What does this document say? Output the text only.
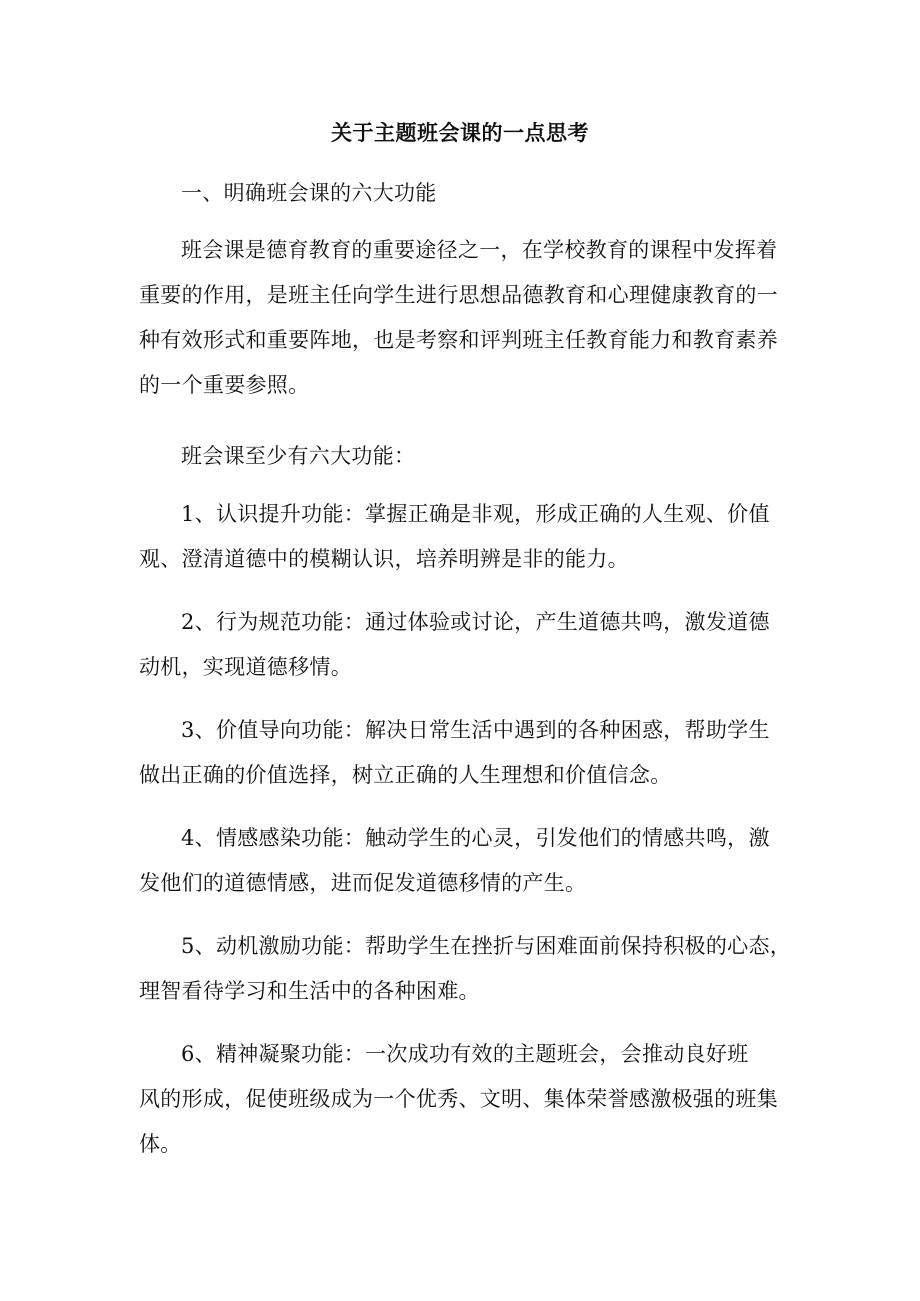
关于主题班会课的一点思考

一、明确班会课的六大功能

班会课是德育教育的重要途径之一，在学校教育的课程中发挥着
重要的作用，是班主任向学生进行思想品德教育和心理健康教育的一
种有效形式和重要阵地，也是考察和评判班主任教育能力和教育素养
的一个重要参照。

班会课至少有六大功能：

1、认识提升功能：掌握正确是非观，形成正确的人生观、价值
观、澄清道德中的模糊认识，培养明辨是非的能力。

2、行为规范功能：通过体验或讨论，产生道德共鸣，激发道德
动机，实现道德移情。

3、价值导向功能：解决日常生活中遇到的各种困惑，帮助学生
做出正确的价值选择，树立正确的人生理想和价值信念。

4、情感感染功能：触动学生的心灵，引发他们的情感共鸣，激
发他们的道德情感，进而促发道德移情的产生。

5、动机激励功能：帮助学生在挫折与困难面前保持积极的心态，
理智看待学习和生活中的各种困难。

6、精神凝聚功能：一次成功有效的主题班会，会推动良好班
风的形成，促使班级成为一个优秀、文明、集体荣誉感激极强的班集
体。
